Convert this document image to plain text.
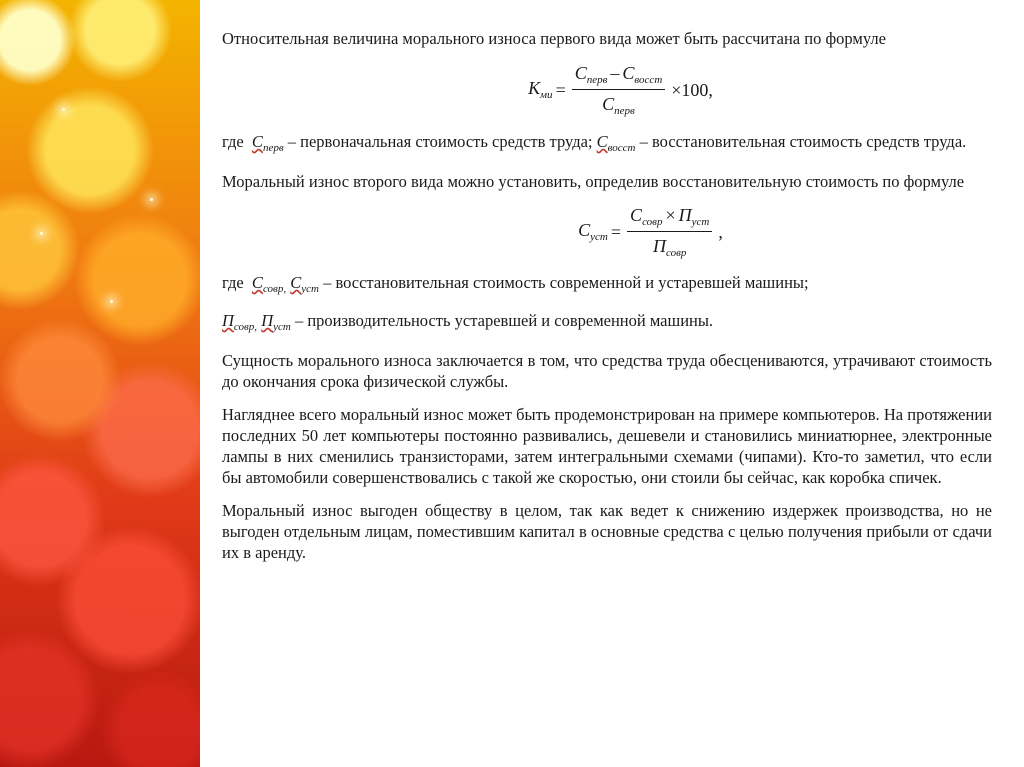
Относительная величина морального износа первого вида может быть рассчитана по формуле

$К_{ми} = \frac{С_{перв} - С_{восст}}{С_{перв}} \times 100$,

где $С_{перв}$ – первоначальная стоимость средств труда; $С_{восст}$ – восстановительная стоимость средств труда.

Моральный износ второго вида можно установить, определив восстановительную стоимость по формуле

$С_{уст} = \frac{С_{совр} \times П_{уст}}{П_{совр}}$ ,

где $С_{совр,}$ $С_{уст}$ – восстановительная стоимость современной и устаревшей машины;

$П_{совр,}$ $П_{уст}$ – производительность устаревшей и современной машины.

Сущность морального износа заключается в том, что средства труда обесцениваются, утрачивают стоимость до окончания срока физической службы.

Нагляднее всего моральный износ может быть продемонстрирован на примере компьютеров. На протяжении последних 50 лет компьютеры постоянно развивались, дешевели и становились миниатюрнее, электронные лампы в них сменились транзисторами, затем интегральными схемами (чипами). Кто-то заметил, что если бы автомобили совершенствовались с такой же скоростью, они стоили бы сейчас, как коробка спичек.

Моральный износ выгоден обществу в целом, так как ведет к снижению издержек производства, но не выгоден отдельным лицам, поместившим капитал в основные средства с целью получения прибыли от сдачи их в аренду.
